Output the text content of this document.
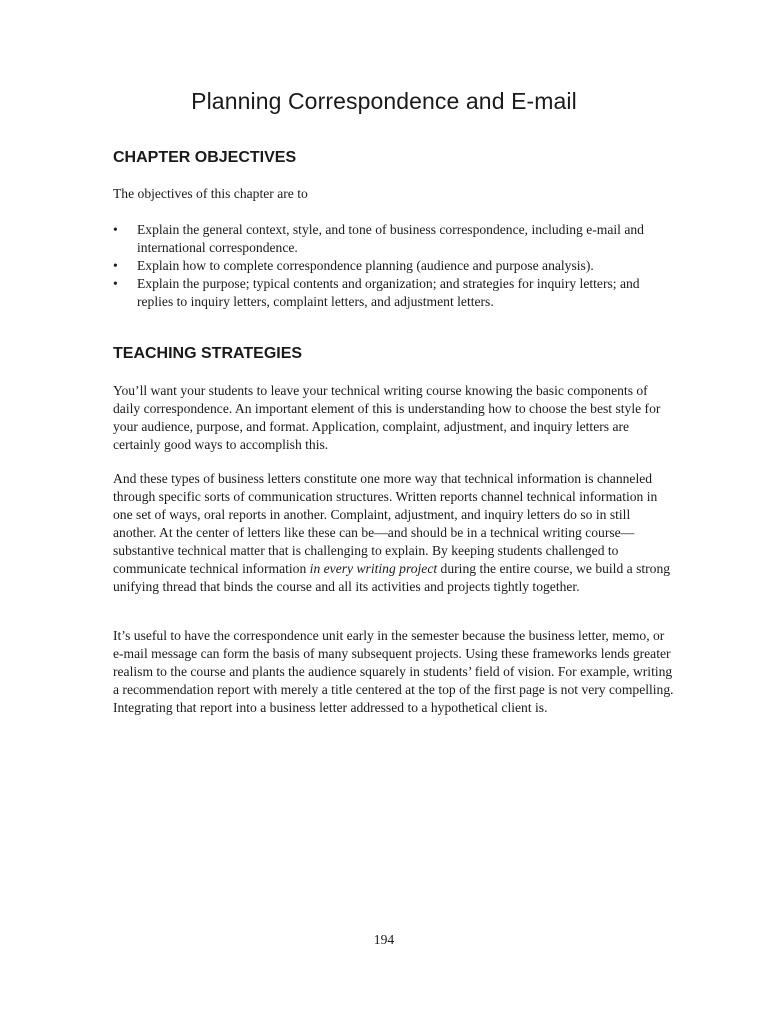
Planning Correspondence and E-mail
CHAPTER OBJECTIVES

The objectives of this chapter are to

•	Explain the general context, style, and tone of business correspondence, including e-mail and international correspondence.
•	Explain how to complete correspondence planning (audience and purpose analysis).
•	Explain the purpose; typical contents and organization; and strategies for inquiry letters; and replies to inquiry letters, complaint letters, and adjustment letters.
TEACHING STRATEGIES

You’ll want your students to leave your technical writing course knowing the basic components of daily correspondence. An important element of this is understanding how to choose the best style for your audience, purpose, and format. Application, complaint, adjustment, and inquiry letters are certainly good ways to accomplish this.

And these types of business letters constitute one more way that technical information is channeled through specific sorts of communication structures. Written reports channel technical information in one set of ways, oral reports in another. Complaint, adjustment, and inquiry letters do so in still another. At the center of letters like these can be—and should be in a technical writing course—substantive technical matter that is challenging to explain. By keeping students challenged to communicate technical information in every writing project during the entire course, we build a strong unifying thread that binds the course and all its activities and projects tightly together.

It’s useful to have the correspondence unit early in the semester because the business letter, memo, or e-mail message can form the basis of many subsequent projects. Using these frameworks lends greater realism to the course and plants the audience squarely in students’ field of vision. For example, writing a recommendation report with merely a title centered at the top of the first page is not very compelling. Integrating that report into a business letter addressed to a hypothetical client is.

194
